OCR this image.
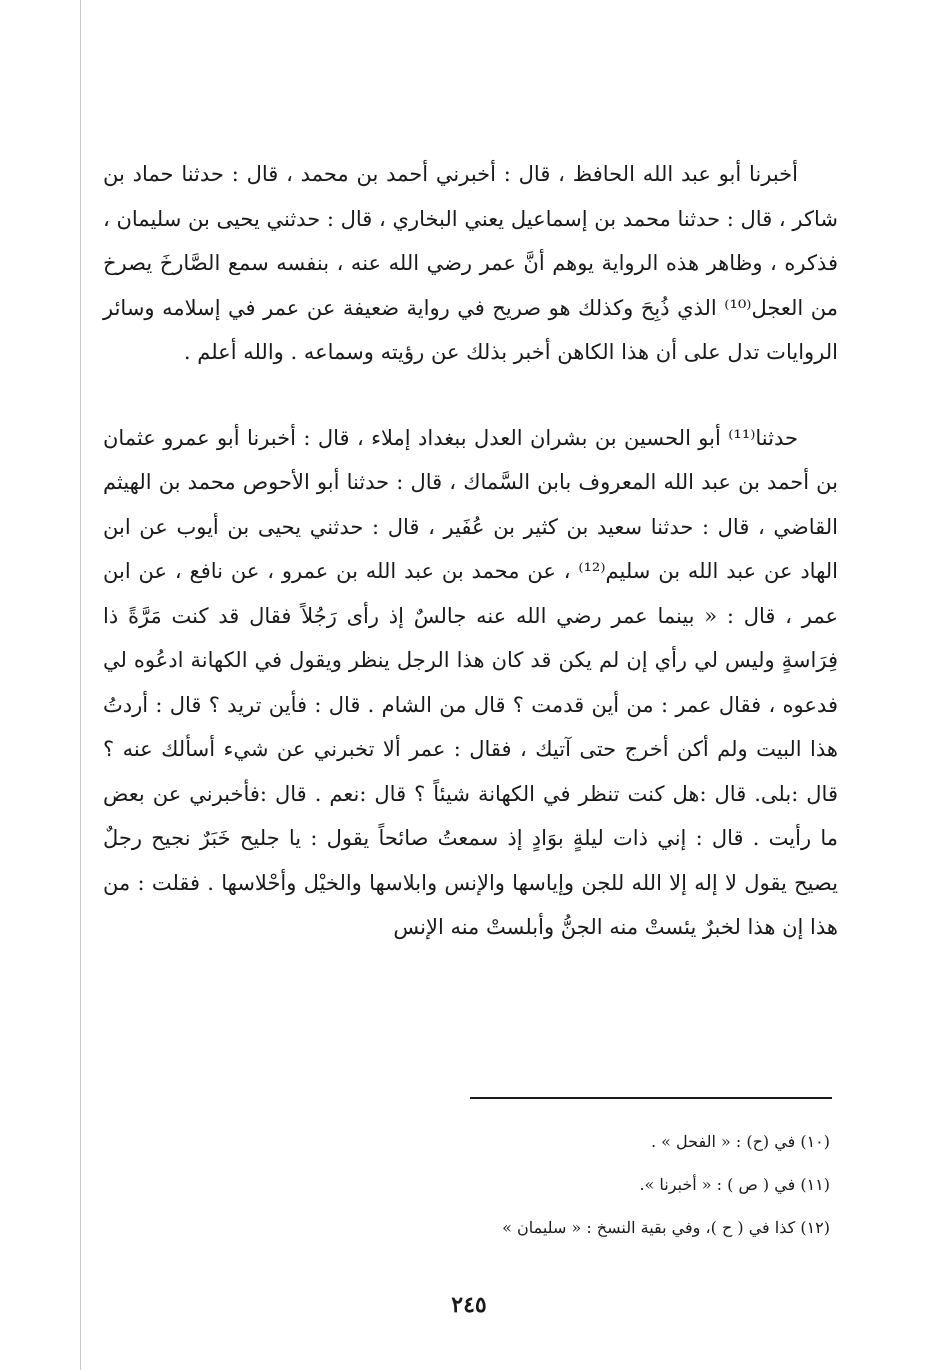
أخبرنا أبو عبد الله الحافظ ، قال : أخبرني أحمد بن محمد ، قال : حدثنا حماد بن شاكر ، قال : حدثنا محمد بن إسماعيل يعني البخاري ، قال : حدثني يحيى بن سليمان ، فذكره ، وظاهر هذه الرواية يوهم أنَّ عمر رضي الله عنه ، بنفسه سمع الصَّارخَ يصرخ من العجل⁽¹⁰⁾ الذي ذُبِحَ وكذلك هو صريح في رواية ضعيفة عن عمر في إسلامه وسائر الروايات تدل على أن هذا الكاهن أخبر بذلك عن رؤيته وسماعه . والله أعلم .

حدثنا⁽¹¹⁾ أبو الحسين بن بشران العدل ببغداد إملاء ، قال : أخبرنا أبو عمرو عثمان بن أحمد بن عبد الله المعروف بابن السَّماك ، قال : حدثنا أبو الأحوص محمد بن الهيثم القاضي ، قال : حدثنا سعيد بن كثير بن عُفَير ، قال : حدثني يحيى بن أيوب عن ابن الهاد عن عبد الله بن سليم⁽¹²⁾ ، عن محمد بن عبد الله بن عمرو ، عن نافع ، عن ابن عمر ، قال : « بينما عمر رضي الله عنه جالسٌ إذ رأى رَجُلاً فقال قد كنت مَرَّةً ذا فِرَاسةٍ وليس لي رأي إن لم يكن قد كان هذا الرجل ينظر ويقول في الكهانة ادعُوه لي فدعوه ، فقال عمر : من أين قدمت ؟ قال من الشام . قال : فأين تريد ؟ قال : أردتُ هذا البيت ولم أكن أخرج حتى آتيك ، فقال : عمر ألا تخبرني عن شيء أسألك عنه ؟ قال :بلى. قال :هل كنت تنظر في الكهانة شيئاً ؟ قال :نعم . قال :فأخبرني عن بعض ما رأيت . قال : إني ذات ليلةٍ بوَادٍ إذ سمعتُ صائحاً يقول : يا جليح خَبَرٌ نجيح رجلٌ يصيح يقول لا إله إلا الله للجن وإياسها والإنس وابلاسها والخيْل وأحْلاسها . فقلت : من هذا إن هذا لخبرٌ يئستْ منه الجنُّ وأبلستْ منه الإنس

(١٠) في (ح) : « الفحل » .

(١١) في ( ص ) : « أخبرنا ».

(١٢) كذا في ( ح )، وفي بقية النسخ : « سليمان »

٢٤٥
